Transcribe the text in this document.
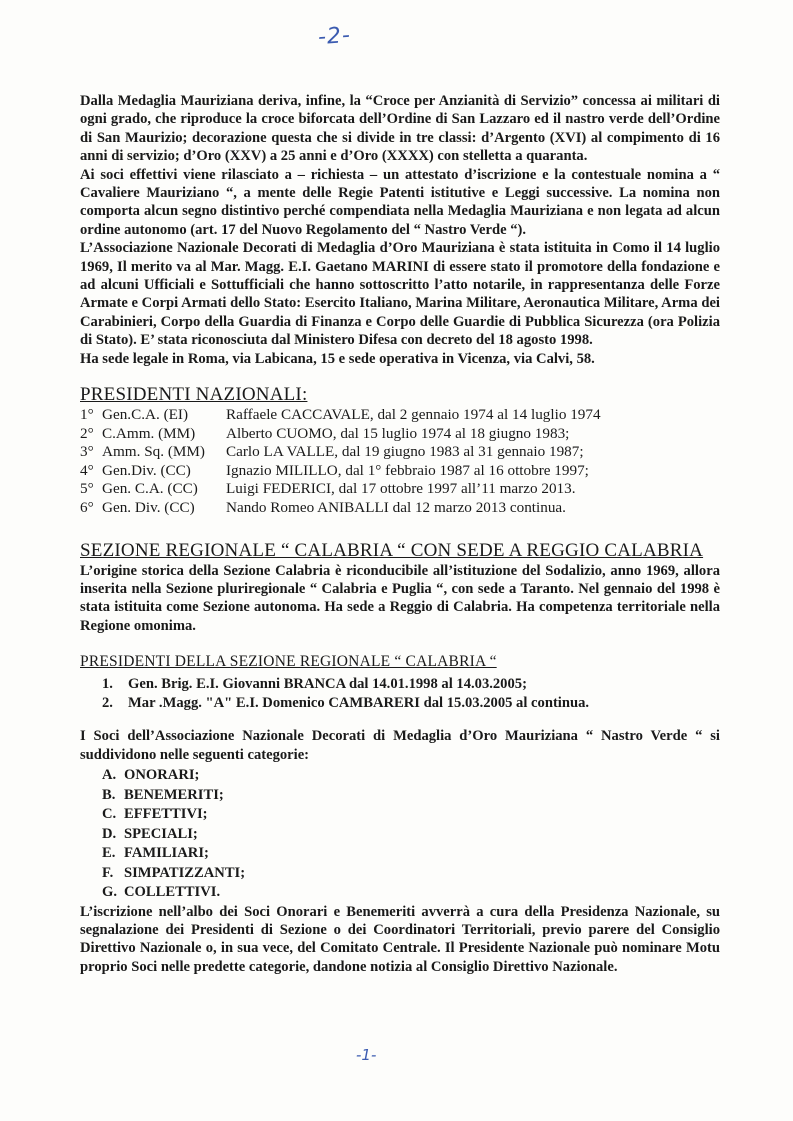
-2-

Dalla Medaglia Mauriziana deriva, infine, la “Croce per Anzianità di Servizio” concessa ai militari di ogni grado, che riproduce la croce biforcata dell’Ordine di San Lazzaro ed il nastro verde dell’Ordine di San Maurizio; decorazione questa che si divide in tre classi: d’Argento (XVI) al compimento di 16 anni di servizio; d’Oro (XXV) a 25 anni e d’Oro (XXXX) con stelletta a quaranta.

Ai soci effettivi viene rilasciato a – richiesta – un attestato d’iscrizione e la contestuale nomina a “ Cavaliere Mauriziano “, a mente delle Regie Patenti istitutive e Leggi successive. La nomina non comporta alcun segno distintivo perché compendiata nella Medaglia Mauriziana e non legata ad alcun ordine autonomo (art. 17 del Nuovo Regolamento del “ Nastro Verde “).

L’Associazione Nazionale Decorati di Medaglia d’Oro Mauriziana è stata istituita in Como il 14 luglio 1969, Il merito va al Mar. Magg. E.I. Gaetano MARINI di essere stato il promotore della fondazione e ad alcuni Ufficiali e Sottufficiali che hanno sottoscritto l’atto notarile, in rappresentanza delle Forze Armate e Corpi Armati dello Stato: Esercito Italiano, Marina Militare, Aeronautica Militare, Arma dei Carabinieri, Corpo della Guardia di Finanza e Corpo delle Guardie di Pubblica Sicurezza (ora Polizia di Stato). E’ stata riconosciuta dal Ministero Difesa con decreto del 18 agosto 1998.

Ha sede legale in Roma, via Labicana, 15 e sede operativa in Vicenza, via Calvi, 58.

PRESIDENTI NAZIONALI:
1° Gen.C.A. (EI) Raffaele CACCAVALE, dal 2 gennaio 1974 al 14 luglio 1974
2° C.Amm. (MM) Alberto CUOMO, dal 15 luglio 1974 al 18 giugno 1983;
3° Amm. Sq. (MM) Carlo LA VALLE, dal 19 giugno 1983 al 31 gennaio 1987;
4° Gen.Div. (CC) Ignazio MILILLO, dal 1° febbraio 1987 al 16 ottobre 1997;
5° Gen. C.A. (CC) Luigi FEDERICI, dal 17 ottobre 1997 all’11 marzo 2013.
6° Gen. Div. (CC) Nando Romeo ANIBALLI dal 12 marzo 2013 continua.
SEZIONE REGIONALE “ CALABRIA “ CON SEDE A REGGIO CALABRIA

L’origine storica della Sezione Calabria è riconducibile all’istituzione del Sodalizio, anno 1969, allora inserita nella Sezione pluriregionale “ Calabria e Puglia “, con sede a Taranto. Nel gennaio del 1998 è stata istituita come Sezione autonoma. Ha sede a Reggio di Calabria. Ha competenza territoriale nella Regione omonima.

PRESIDENTI DELLA SEZIONE REGIONALE “ CALABRIA “
1. Gen. Brig. E.I. Giovanni BRANCA dal 14.01.1998 al 14.03.2005;
2. Mar .Magg. "A" E.I. Domenico CAMBARERI dal 15.03.2005 al continua.

I Soci dell’Associazione Nazionale Decorati di Medaglia d’Oro Mauriziana “ Nastro Verde “ si suddividono nelle seguenti categorie:

A. ONORARI;
B. BENEMERITI;
C. EFFETTIVI;
D. SPECIALI;
E. FAMILIARI;
F. SIMPATIZZANTI;
G. COLLETTIVI.

L’iscrizione nell’albo dei Soci Onorari e Benemeriti avverrà a cura della Presidenza Nazionale, su segnalazione dei Presidenti di Sezione o dei Coordinatori Territoriali, previo parere del Consiglio Direttivo Nazionale o, in sua vece, del Comitato Centrale. Il Presidente Nazionale può nominare Motu proprio Soci nelle predette categorie, dandone notizia al Consiglio Direttivo Nazionale.

-1-
